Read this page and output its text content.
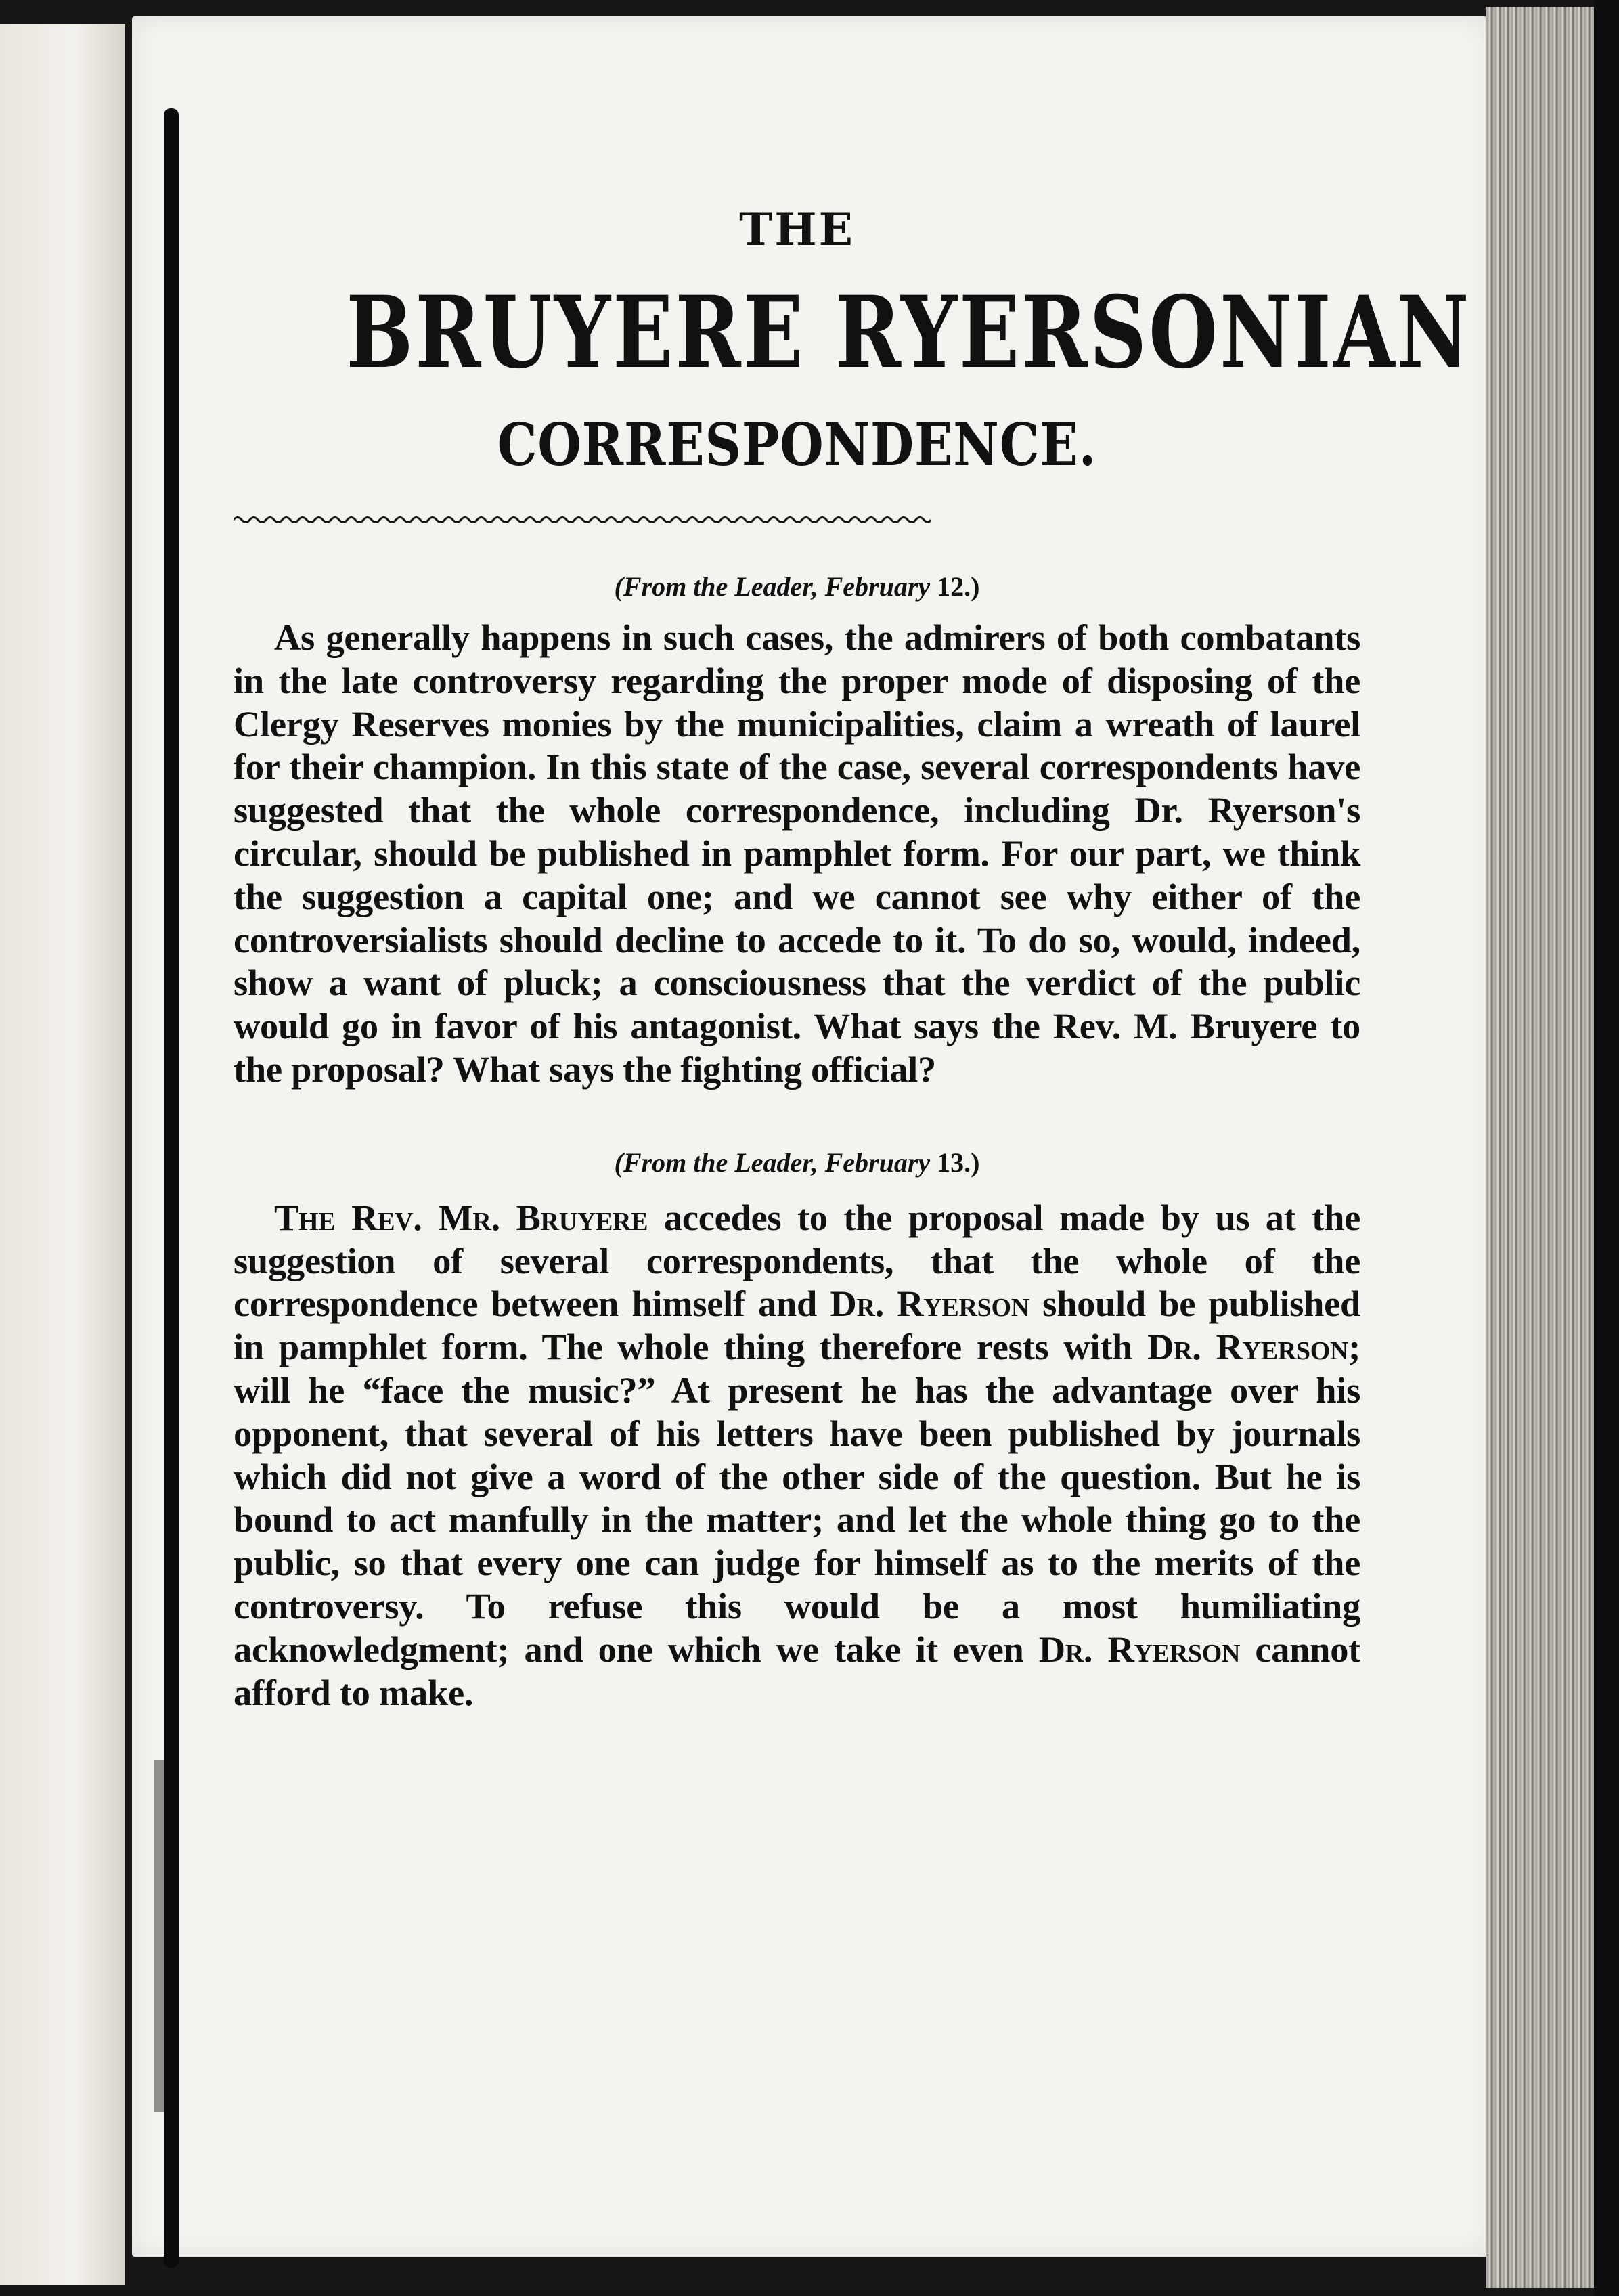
THE
BRUYERE RYERSONIAN
CORRESPONDENCE.
(From the Leader, February 12.)

As generally happens in such cases, the admirers of both combatants in the late controversy regarding the proper mode of disposing of the Clergy Reserves monies by the municipalities, claim a wreath of laurel for their champion. In this state of the case, several correspondents have suggested that the whole correspondence, including Dr. Ryerson's circular, should be published in pamphlet form. For our part, we think the suggestion a capital one; and we cannot see why either of the controversialists should decline to accede to it. To do so, would, indeed, show a want of pluck; a consciousness that the verdict of the public would go in favor of his antagonist. What says the Rev. M. Bruyere to the proposal? What says the fighting official?

(From the Leader, February 13.)

The Rev. Mr. Bruyere accedes to the proposal made by us at the suggestion of several correspondents, that the whole of the correspondence between himself and Dr. Ryerson should be published in pamphlet form. The whole thing therefore rests with Dr. Ryerson; will he “face the music?” At present he has the advantage over his opponent, that several of his letters have been published by journals which did not give a word of the other side of the question. But he is bound to act manfully in the matter; and let the whole thing go to the public, so that every one can judge for himself as to the merits of the controversy. To refuse this would be a most humiliating acknowledgment; and one which we take it even Dr. Ryerson cannot afford to make.
